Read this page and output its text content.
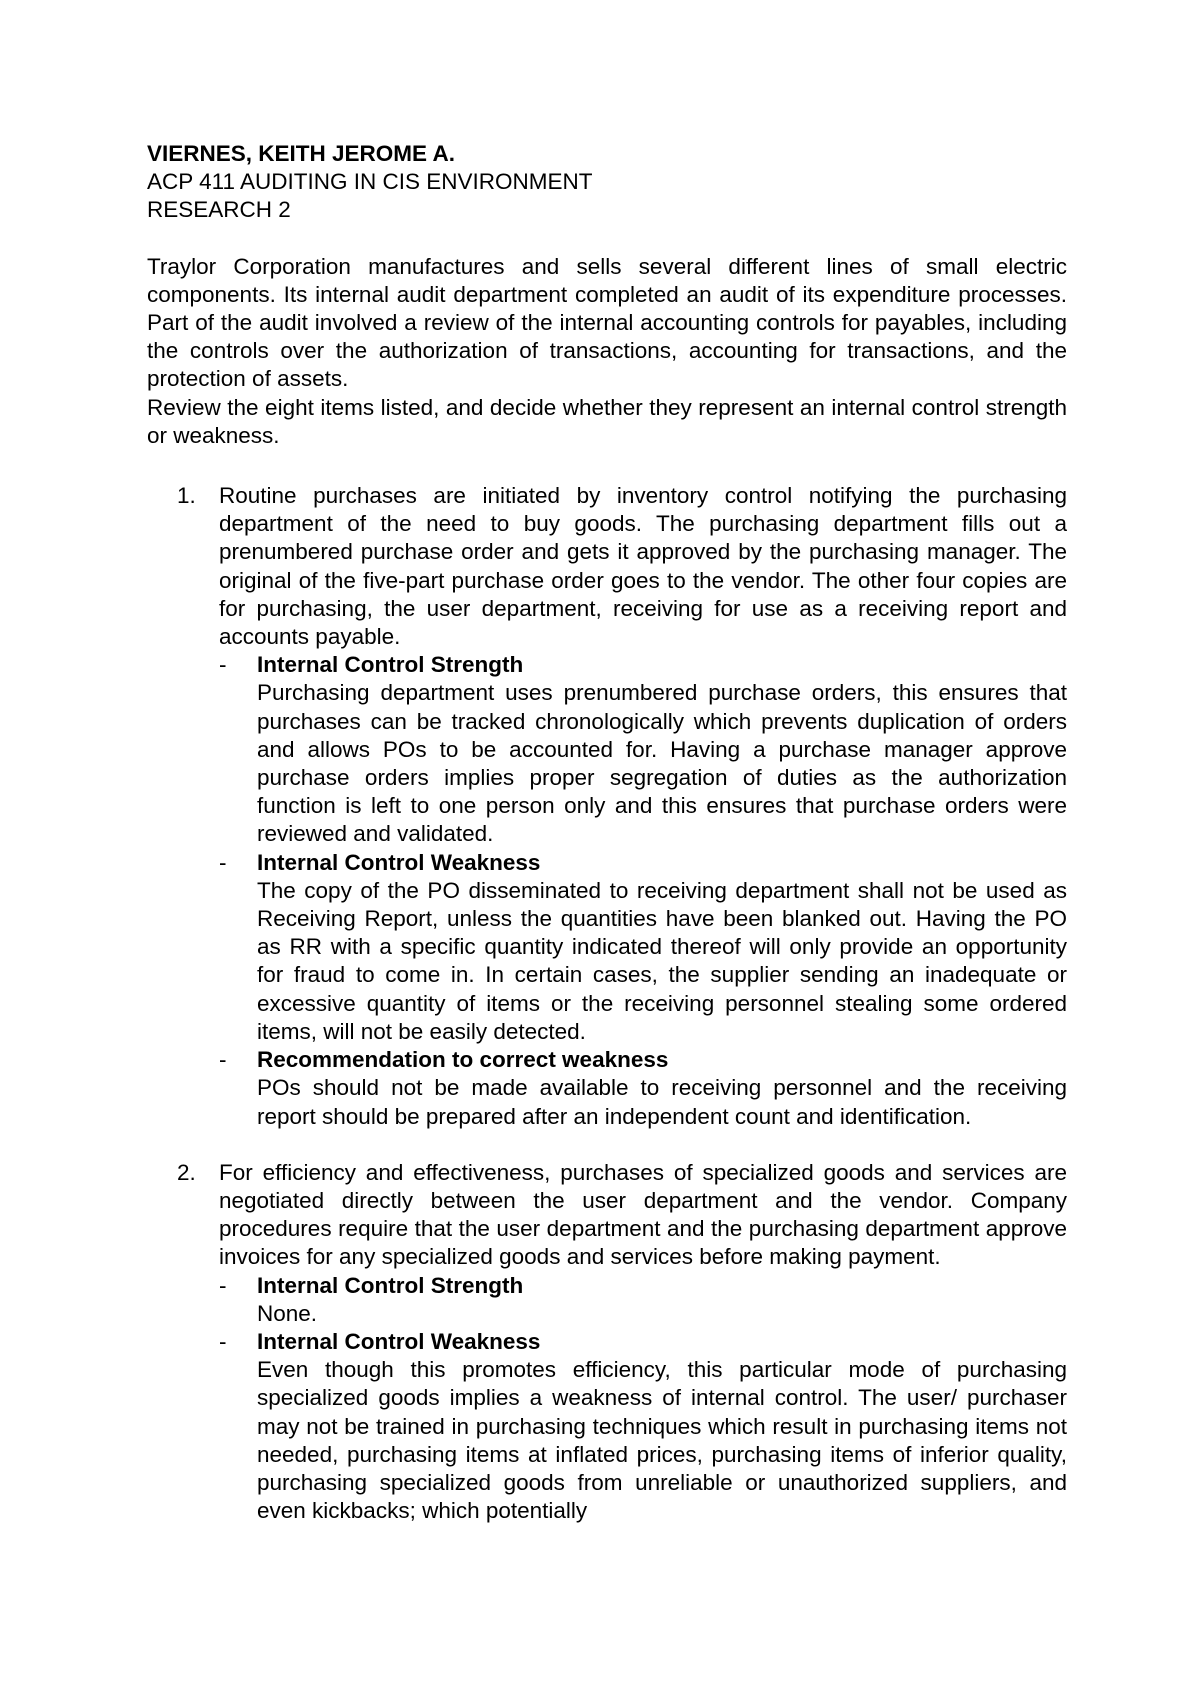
VIERNES, KEITH JEROME A.

ACP 411 AUDITING IN CIS ENVIRONMENT

RESEARCH 2

Traylor Corporation manufactures and sells several different lines of small electric components. Its internal audit department completed an audit of its expenditure processes. Part of the audit involved a review of the internal accounting controls for payables, including the controls over the authorization of transactions, accounting for transactions, and the protection of assets.

Review the eight items listed, and decide whether they represent an internal control strength or weakness.

1. Routine purchases are initiated by inventory control notifying the purchasing department of the need to buy goods. The purchasing department fills out a prenumbered purchase order and gets it approved by the purchasing manager. The original of the five-part purchase order goes to the vendor. The other four copies are for purchasing, the user department, receiving for use as a receiving report and accounts payable.

- Internal Control Strength

Purchasing department uses prenumbered purchase orders, this ensures that purchases can be tracked chronologically which prevents duplication of orders and allows POs to be accounted for. Having a purchase manager approve purchase orders implies proper segregation of duties as the authorization function is left to one person only and this ensures that purchase orders were reviewed and validated.

- Internal Control Weakness

The copy of the PO disseminated to receiving department shall not be used as Receiving Report, unless the quantities have been blanked out. Having the PO as RR with a specific quantity indicated thereof will only provide an opportunity for fraud to come in. In certain cases, the supplier sending an inadequate or excessive quantity of items or the receiving personnel stealing some ordered items, will not be easily detected.

- Recommendation to correct weakness

POs should not be made available to receiving personnel and the receiving report should be prepared after an independent count and identification.

2. For efficiency and effectiveness, purchases of specialized goods and services are negotiated directly between the user department and the vendor. Company procedures require that the user department and the purchasing department approve invoices for any specialized goods and services before making payment.

- Internal Control Strength

None.

- Internal Control Weakness

Even though this promotes efficiency, this particular mode of purchasing specialized goods implies a weakness of internal control. The user/ purchaser may not be trained in purchasing techniques which result in purchasing items not needed, purchasing items at inflated prices, purchasing items of inferior quality, purchasing specialized goods from unreliable or unauthorized suppliers, and even kickbacks; which potentially
